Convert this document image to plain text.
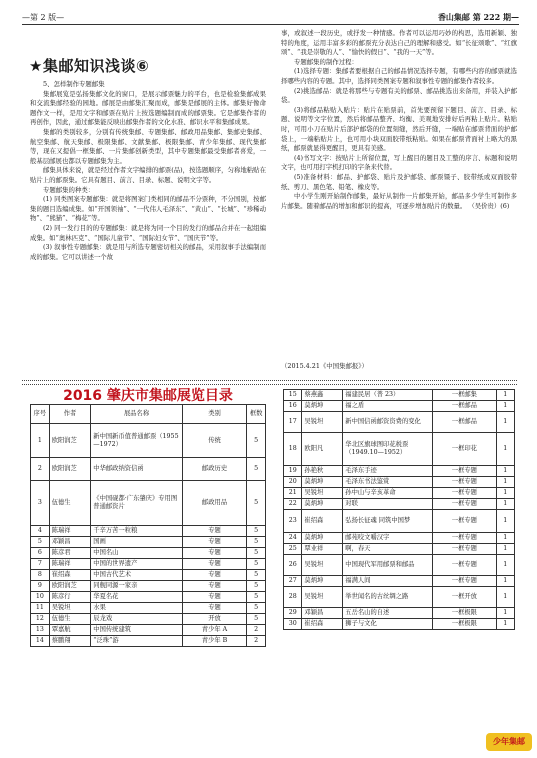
—第 2 版—	香山集邮 第 222 期—
★集邮知识浅谈⑥

5、怎样制作专题邮集

集邮展览是弘扬集邮文化的窗口，是展示邮票魅力的平台，也是检验集邮成果和交流集邮经验的园地。邮展是由邮集汇聚而成，邮集是邮展的主体。邮集好像命题作文一样，是用文字和邮票在贴片上按选题编制而成的邮票集。它是邮集作者的再创作，因此，通过邮集能反映出邮集作者的文化水准、邮识水平和集邮成果。

集邮的类别较多，分别有传统集邮、专题集邮、邮政用品集邮、集邮史集邮、航空集邮、航天集邮、极限集邮、文献集邮、极限集邮、青少年集邮、现代集邮等，现在又提倡一框集邮、一片集邮创新类型，其中专题集邮最受集邮者喜爱，一般基层邮展也都以专题邮集为主。

邮集具体来说，就是经过作者文字编排的邮票(品)，按选题顺序，匀称地粘贴在贴片上的邮票集。它具有题目、前言、目录、标题、说明文字等。

专题邮集的种类：

(1) 同类图案专题邮集：就是将图案门类相同的邮品不分票种，不分国别，按邮集的题目选编成集。如“开国领袖”、“一代伟人毛泽东”、“黄山”、“长城”、“珍稀动物”、“熊猫”、“梅花”等。

(2) 同一发行目的的专题邮集：就是将为同一个目的发行的邮品合并在一起组编成集。如“奥林匹克”、“国际儿童节”、“国际妇女节”、“国庆节”等。

(3) 叙事性专题邮集：就是用与所选专题密切相关的邮品，采用叙事手法编制而成的邮集。它可以讲述一个故

事，或叙述一段历史，或抒发一种情感。作者可以运用巧妙的构思，选用新颖、独特的角度，运用丰富多彩的邮票充分表达自己的理解和感受。如“长征颂歌”、“红旗颂”、“我是崇敬的人”、“愉快的假日”、“我的一天”等。

专题邮集的制作过程：

(1)选择专题：集邮者要根据自己的邮品情况选择专题，有哪些内容的邮票就选择哪些内容的专题。其中，选择同类图案专题和叙事性专题的邮集作者较多。

(2)挑选邮品：就是将那些与专题有关的邮票、邮品挑选出来备用，并装入护邮袋。

(3)将邮品粘贴入贴片：贴片在贴票前，首先要预留下题目、前言、目录、标题、说明等文字位置，然后将邮品整齐、均衡、美观地安排好后再粘上贴片。粘贴时，可用小刀在贴片后部护邮袋的位置刻缝，然后开缝，一端贴在邮票背面的护邮袋上，一端粘贴片上，也可用小块双面胶带纸粘贴。如果在邮票背面衬上略大的黑纸，邮票就显得更醒目，更具有美感。

(4)书写文字：按贴片上所留位置，写上醒目的题目及工整的序言、标题和说明文字，也可用打字机打印的字条来代替。

(5)准备材料：邮品、护邮袋、贴片及护邮袋、邮票镊子、胶带纸或双面胶带纸、剪刀、黑色笔、铅笔、橡皮等。

中小学生刚开始制作邮集，最好从制作一片邮集开始，邮品多少学生可制作多片邮集。随着邮品的增加和邮识的提高，可逐步增加贴片的数量。 （吴价贵）(6)

（2015.4.21《中国集邮报》）
2016 肇庆市集邮展览目录
序号	作者	展品名称	类别	框数
1	欧阳润芝	新中国新币值普通邮票（1955—1972）	传统	5
2	欧阳润芝	中华邮政纳资信函	邮政历史	5
3	伍德生	《中国砚都·广东肇庆》专用图普通邮资片	邮政用品	5
4	陈瑞祥	千辛万苦一粒粮	专题	5
5	邓颖昌	国画	专题	5
6	陈彦君	中国名山	专题	5
7	陈瑞祥	中国的世界遗产	专题	5
8	崔绍森	中国古代艺术	专题	5
9	欧阳润芝	同舰同源一家亲	专题	5
10	陈彦行	华夏名花	专题	5
11	吴锐坦	水果	专题	5
12	伍德生	辰龙戏	开放	5
13	覃嘉航	中国传统建筑	青少年 A	2
14	蔡鹏翔	“泛珠”游	青少年 B	2
15	蔡燕鑫	福建民居（普 23）	一框邮集	1
16	莫炳坤	福之盾	一框邮品	1
17	吴锐坦	新中国信函邮资资费的变化	一框邮品	1
18	欧阳凡	华北区旗球图印花税票（1949.10—1952）	一框印花	1
19	孙艳秋	毛泽东手迹	一框专题	1
20	莫炳坤	毛泽东书法鉴赏	一框专题	1
21	吴锐坦	孙中山与辛亥革命	一框专题	1
22	莫炳坤	对联	一框专题	1
23	崔绍森	弘扬长征魂 同筑中国梦	一框专题	1
24	莫炳坤	邮苑咬文嚼汉字	一框专题	1
25	覃业祥	啊，春天	一框专题	1
26	吴锐坦	中国现代军用邮票和邮品	一框专题	1
27	莫炳坤	福满人间	一框专题	1
28	吴锐坦	举世闻名的古丝绸之路	一框开放	1
29	邓颖昌	五岳名山的自述	一框极限	1
30	崔绍森	狮子与文化	一框极限	1
少年集邮
